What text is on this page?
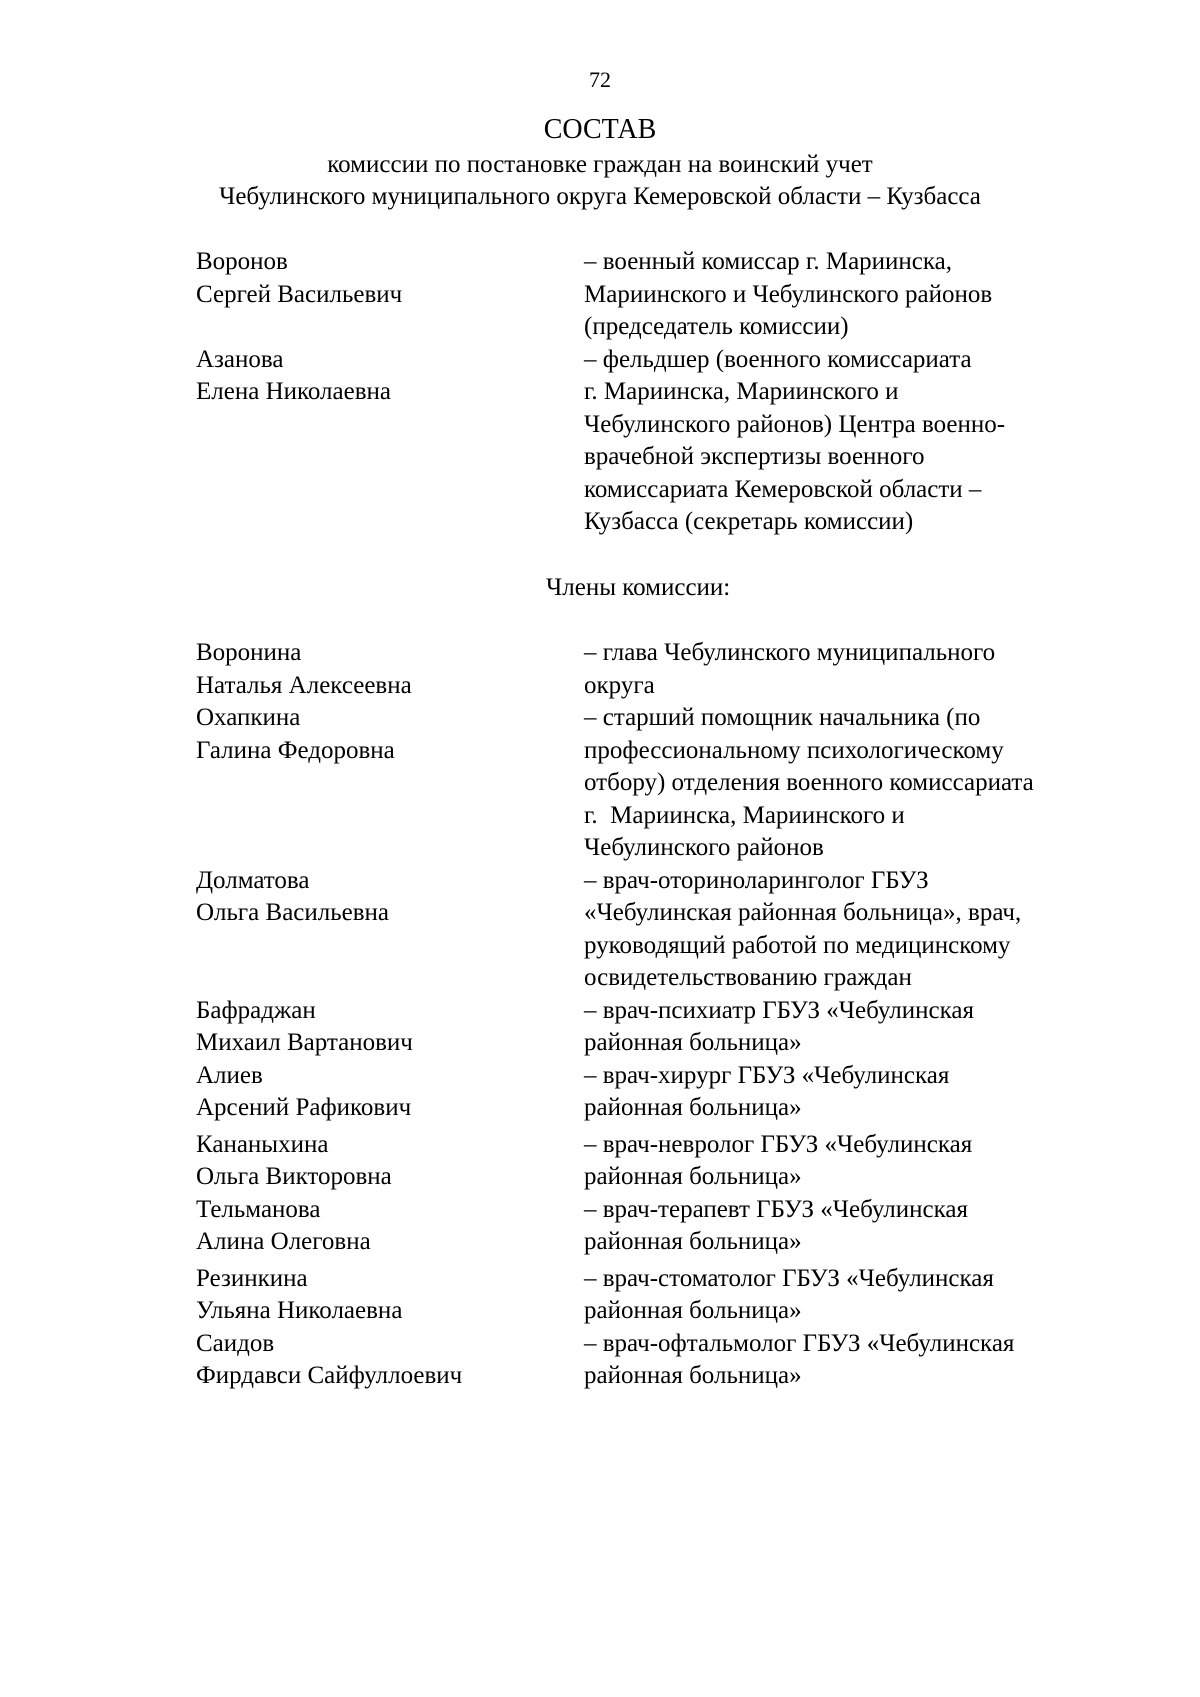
72
СОСТАВ
комиссии по постановке граждан на воинский учет
Чебулинского муниципального округа Кемеровской области – Кузбасса
Воронов
Сергей Васильевич
– военный комиссар г. Мариинска,
Мариинского и Чебулинского районов
(председатель комиссии)
Азанова
Елена Николаевна
– фельдшер (военного комиссариата
г. Мариинска, Мариинского и
Чебулинского районов) Центра военно-
врачебной экспертизы военного
комиссариата Кемеровской области –
Кузбасса (секретарь комиссии)
Члены комиссии:
Воронина
Наталья Алексеевна
– глава Чебулинского муниципального
округа
Охапкина
Галина Федоровна
– старший помощник начальника (по
профессиональному психологическому
отбору) отделения военного комиссариата
г.  Мариинска, Мариинского и
Чебулинского районов
Долматова
Ольга Васильевна
– врач-оториноларинголог ГБУЗ
«Чебулинская районная больница», врач,
руководящий работой по медицинскому
освидетельствованию граждан
Бафраджан
Михаил Вартанович
– врач-психиатр ГБУЗ «Чебулинская
районная больница»
Алиев
Арсений Рафикович
– врач-хирург ГБУЗ «Чебулинская
районная больница»
Кананыхина
Ольга Викторовна
– врач-невролог ГБУЗ «Чебулинская
районная больница»
Тельманова
Алина Олеговна
– врач-терапевт ГБУЗ «Чебулинская
районная больница»
Резинкина
Ульяна Николаевна
– врач-стоматолог ГБУЗ «Чебулинская
районная больница»
Саидов
Фирдавси Сайфуллоевич
– врач-офтальмолог ГБУЗ «Чебулинская
районная больница»
